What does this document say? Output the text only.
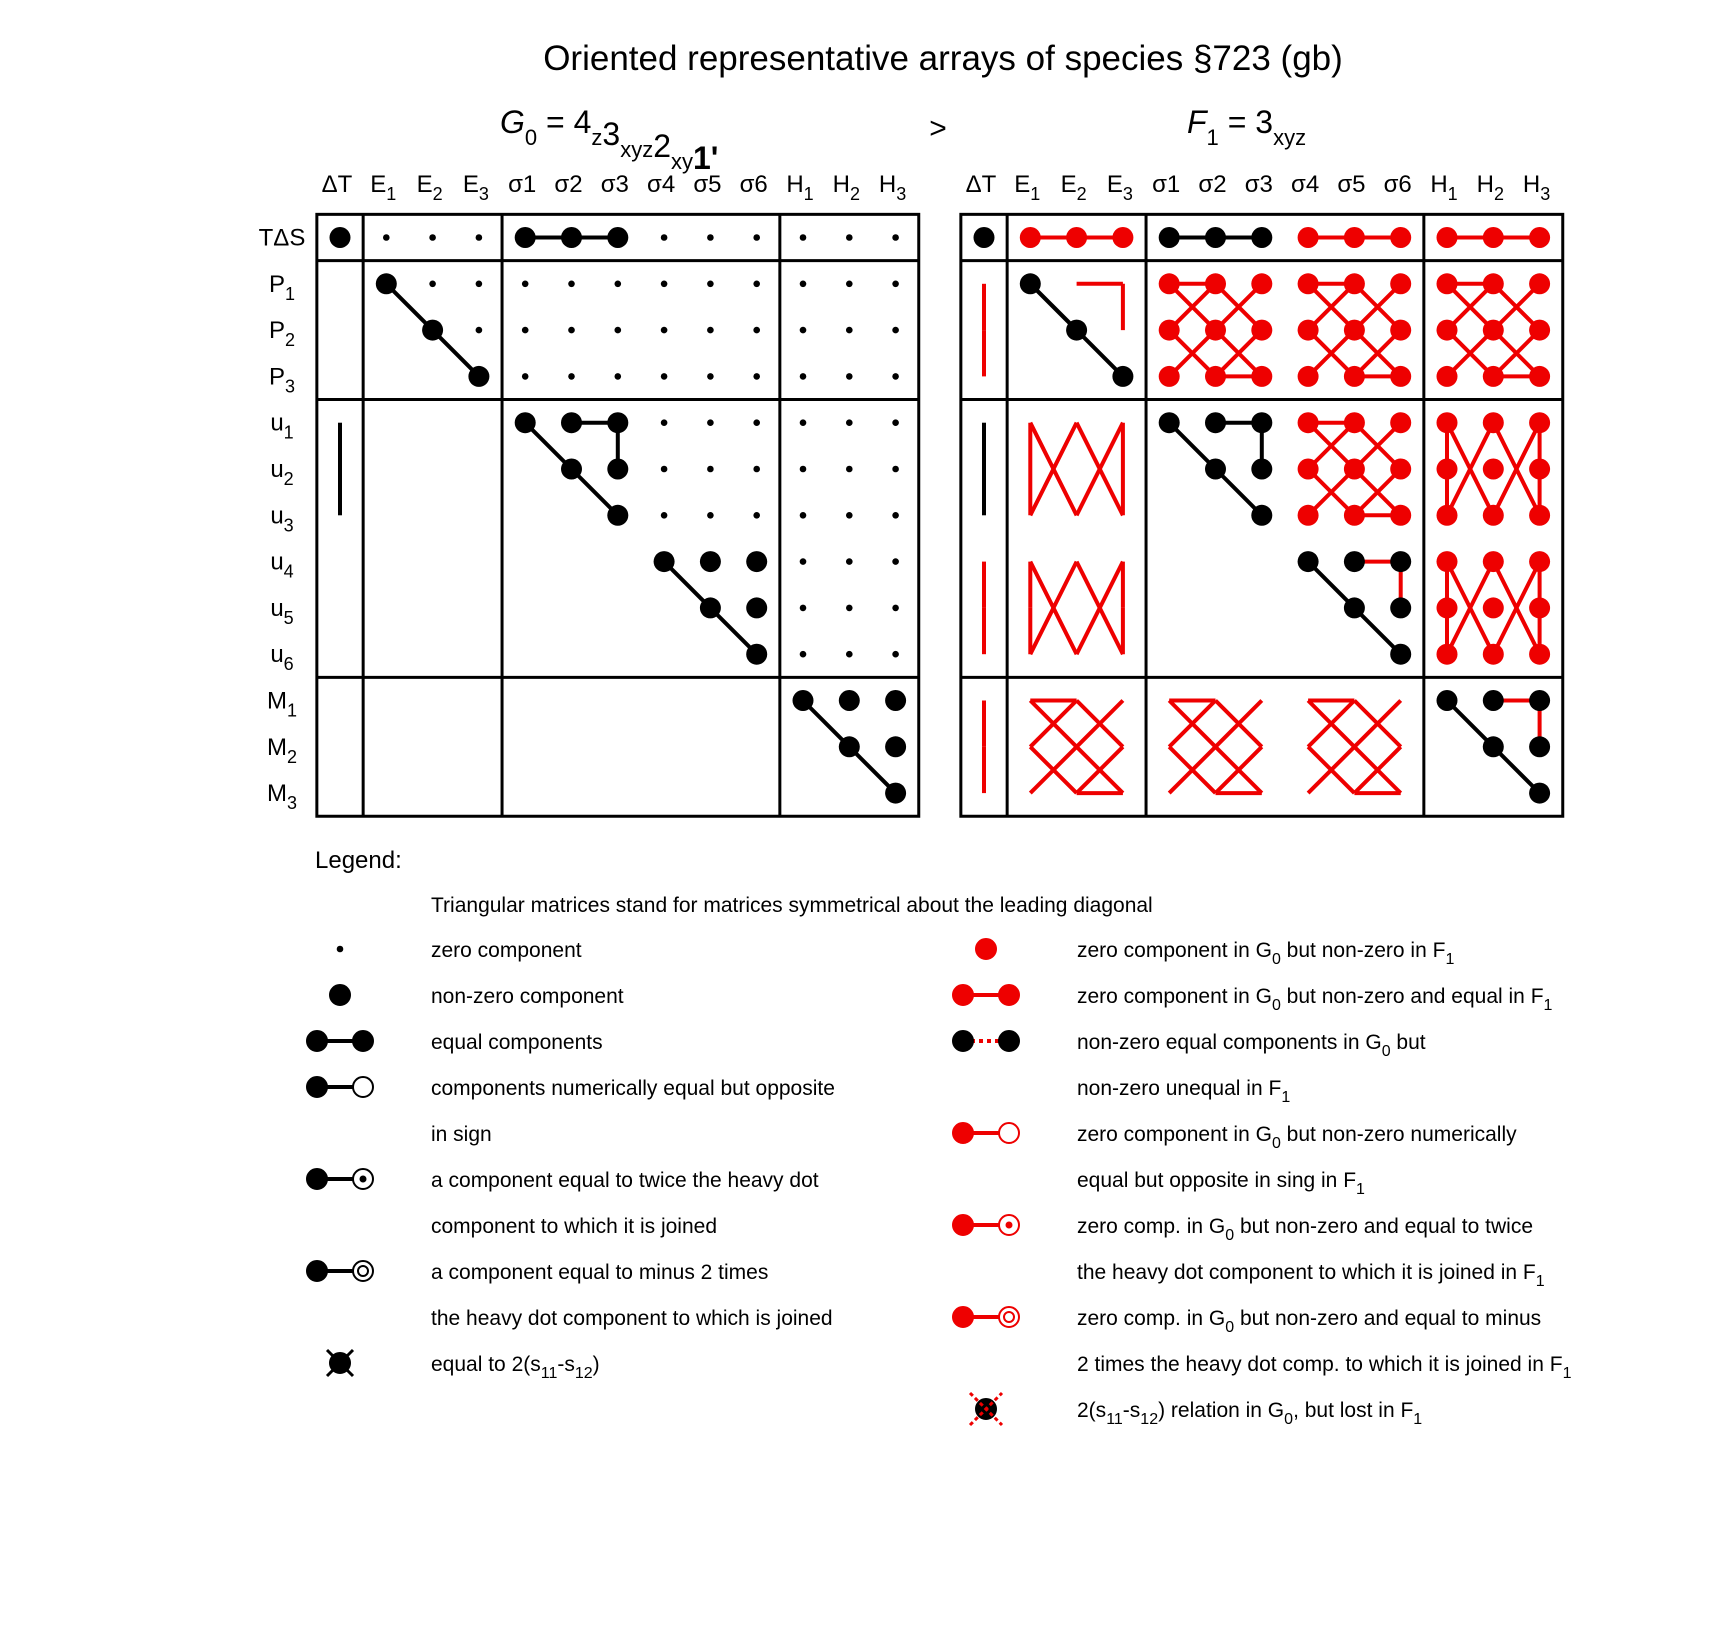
Oriented representative arrays of species §723 (gb)
$G_0 = 4_z3_{xyz}2_{xy}1'$
>	$F_1 = 3_{xyz}$
ΔT $E_1$ $E_2$ $E_3$ σ1 σ2 σ3 σ4 σ5 σ6 $H_1$ $H_2$ $H_3$
TΔS
$P_1$
$P_2$
$P_3$
$u_1$
$u_2$
$u_3$
$u_4$
$u_5$
$u_6$
$M_1$
$M_2$
$M_3$
ΔT $E_1$ $E_2$ $E_3$ σ1 σ2 σ3 σ4 σ5 σ6 $H_1$ $H_2$ $H_3$
Legend:
Triangular matrices stand for matrices symmetrical about the leading diagonal
zero component
non-zero component
equal components
components numerically equal but opposite
in sign
a component equal to twice the heavy dot
component to which it is joined
a component equal to minus 2 times
the heavy dot component to which is joined
equal to $2(s_{11}-s_{12})$
zero component in $G_0$ but non-zero in $F_1$
zero component in $G_0$ but non-zero and equal in $F_1$
non-zero equal components in $G_0$ but
non-zero unequal in $F_1$
zero component in $G_0$ but non-zero numerically
equal but opposite in sing in $F_1$
zero comp. in $G_0$ but non-zero and equal to twice
the heavy dot component to which it is joined in $F_1$
zero comp. in $G_0$ but non-zero and equal to minus
2 times the heavy dot comp. to which it is joined in $F_1$
$2(s_{11}-s_{12})$ relation in $G_0$, but lost in $F_1$
